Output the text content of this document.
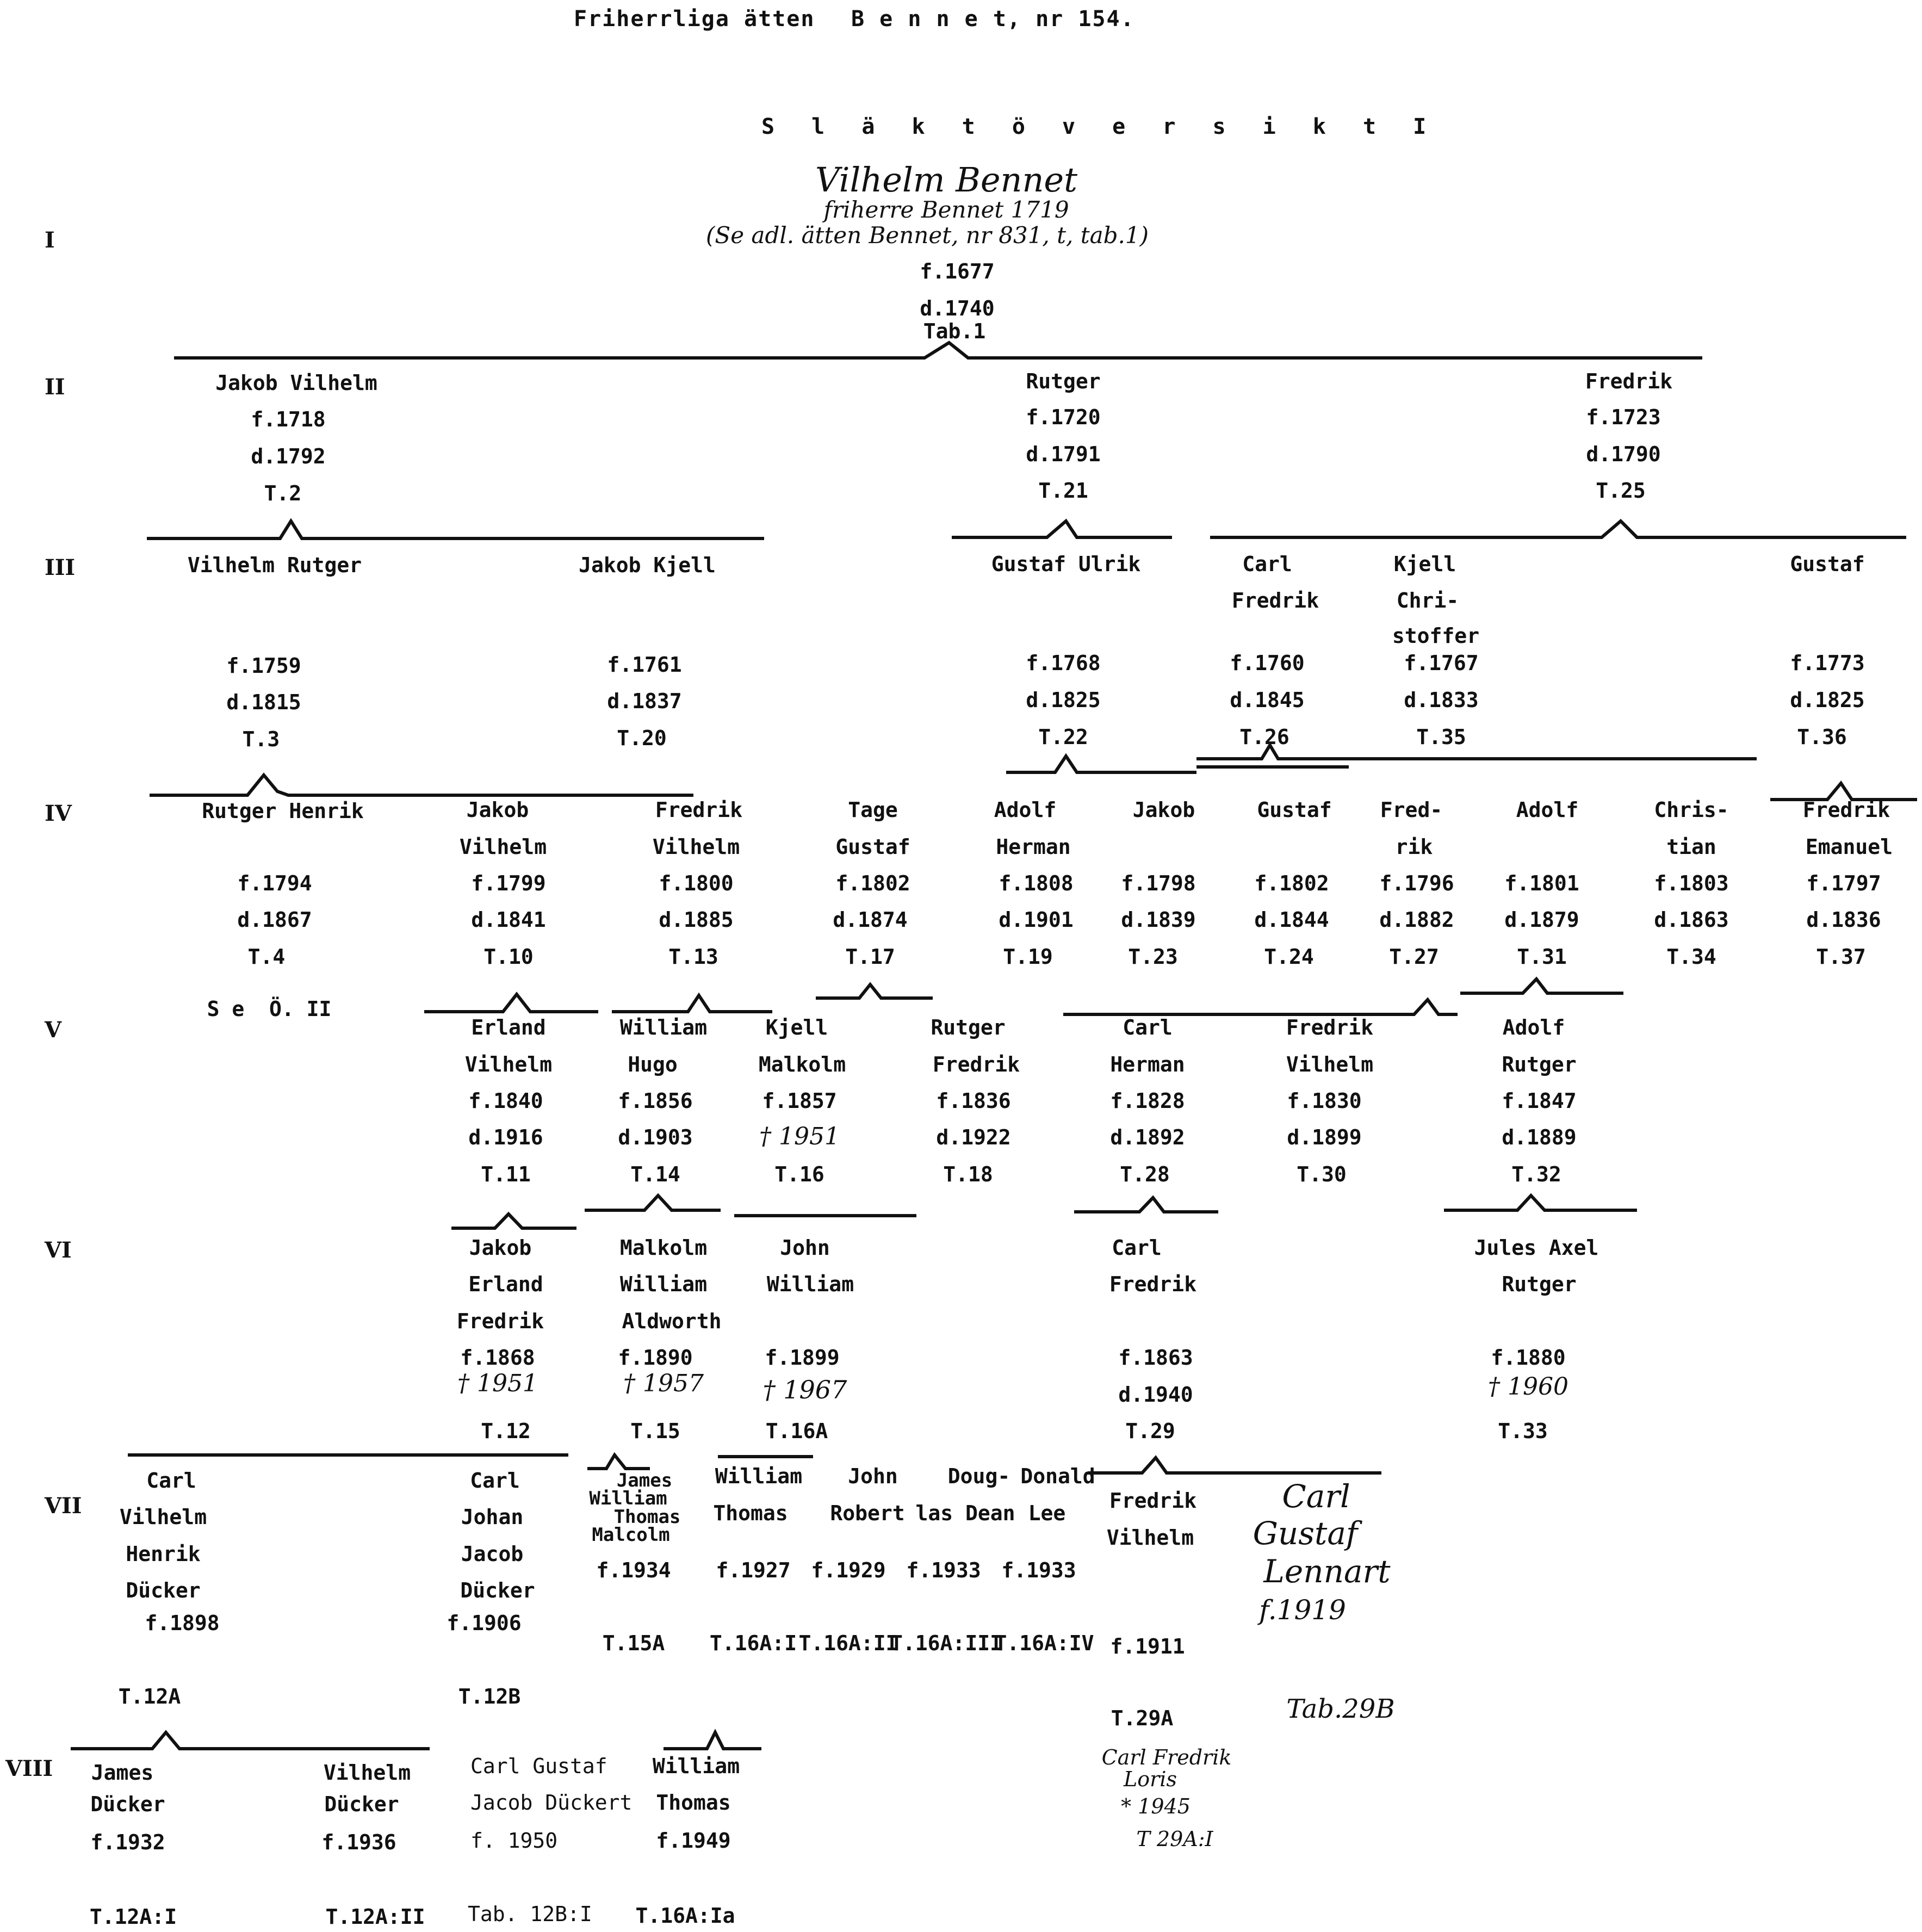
Friherrliga ätten B e n n e t, nr 154.
S l ä k t ö v e r s i k t I
I
II
III
IV
V
VI
VII
VIII
Vilhelm Bennet
friherre Bennet 1719
(Se adl. ätten Bennet, nr 831, t, tab.1)
f.1677
d.1740
Tab.1
Jakob Vilhelm
f.1718
d.1792
T.2
Rutger
f.1720
d.1791
T.21
Fredrik
f.1723
d.1790
T.25
Vilhelm Rutger
f.1759
d.1815
T.3
Jakob Kjell
f.1761
d.1837
T.20
Gustaf Ulrik
f.1768
d.1825
T.22
Carl
Fredrik
f.1760
d.1845
T.26
Kjell
Chri-
stoffer
f.1767
d.1833
T.35
Gustaf
f.1773
d.1825
T.36
Rutger Henrik
f.1794
d.1867
T.4
S e  Ö. II
Jakob
Vilhelm
f.1799
d.1841
T.10
Fredrik
Vilhelm
f.1800
d.1885
T.13
Tage
Gustaf
f.1802
d.1874
T.17
Adolf
Herman
f.1808
d.1901
T.19
Jakob
f.1798
d.1839
T.23
Gustaf
f.1802
d.1844
T.24
Fred-
rik
f.1796
d.1882
T.27
Adolf
f.1801
d.1879
T.31
Chris-
tian
f.1803
d.1863
T.34
Fredrik
Emanuel
f.1797
d.1836
T.37
Erland
Vilhelm
f.1840
d.1916
T.11
William
Hugo
f.1856
d.1903
T.14
Kjell
Malkolm
f.1857
† 1951
T.16
Rutger
Fredrik
f.1836
d.1922
T.18
Carl
Herman
f.1828
d.1892
T.28
Fredrik
Vilhelm
f.1830
d.1899
T.30
Adolf
Rutger
f.1847
d.1889
T.32
Jakob
Erland
Fredrik
f.1868
† 1951
T.12
Malkolm
William
Aldworth
f.1890
† 1957
T.15
John
William
f.1899
† 1967
T.16A
Carl
Fredrik
f.1863
d.1940
T.29
Jules Axel
Rutger
f.1880
† 1960
T.33
Carl
Vilhelm
Henrik
Dücker
f.1898
T.12A
Carl
Johan
Jacob
Dücker
f.1906
T.12B
James
William
Thomas
Malcolm
f.1934
T.15A
William
Thomas
f.1927
T.16A:I
John
Robert
f.1929
T.16A:II
Doug-
las Dean
f.1933
T.16A:III
Donald
Lee
f.1933
T.16A:IV
Fredrik
Vilhelm
f.1911
T.29A
Carl
Gustaf
Lennart
f.1919
Tab.29B
James
Dücker
f.1932
T.12A:I
Vilhelm
Dücker
f.1936
T.12A:II
Carl Gustaf
Jacob Dückert
f. 1950
Tab. 12B:I
William
Thomas
f.1949
T.16A:Ia
Carl Fredrik
Loris
* 1945
T 29A:I
